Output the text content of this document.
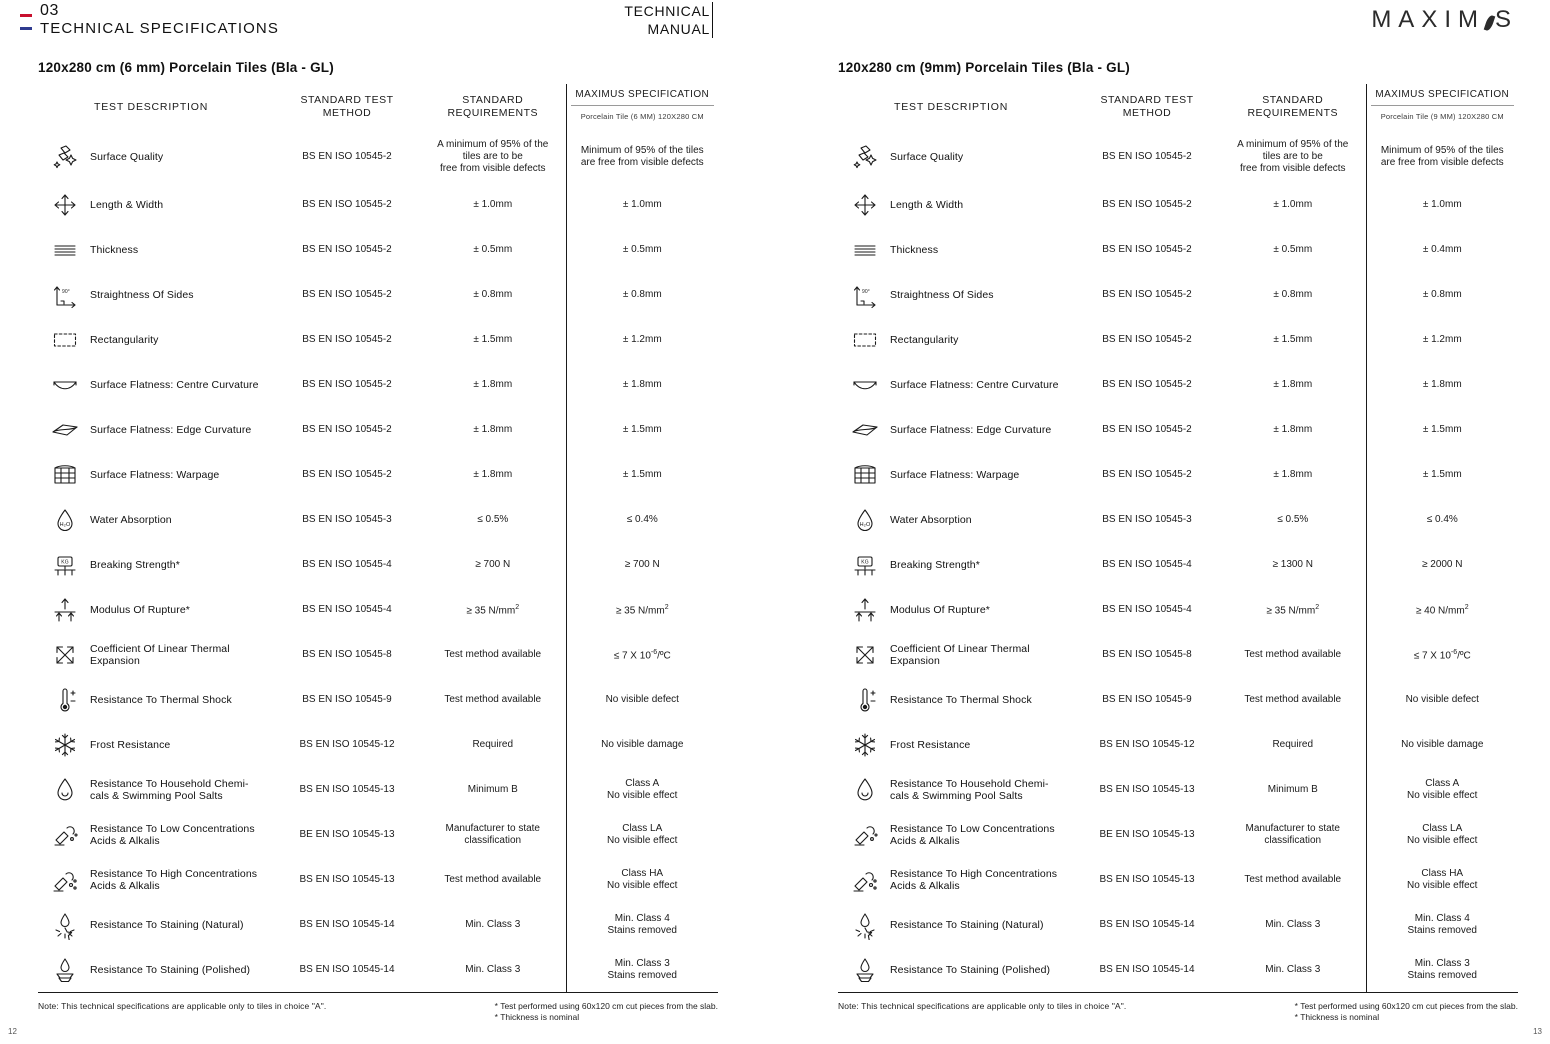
03
TECHNICAL SPECIFICATIONS
TECHNICAL
MANUAL	MAXIM S
120x280 cm (6 mm) Porcelain Tiles (Bla - GL)
TEST DESCRIPTION	STANDARD TEST
METHOD	STANDARD
REQUIREMENTS	MAXIMUS SPECIFICATION
Porcelain Tile (6 MM) 120X280 CM

Surface Quality	BS EN ISO 10545-2	A minimum of 95% of the
tiles are to be
free from visible defects	Minimum of 95% of the tiles
are free from visible defects

Length & Width	BS EN ISO 10545-2	± 1.0mm	± 1.0mm

Thickness	BS EN ISO 10545-2	± 0.5mm	± 0.5mm

90° Straightness Of Sides	BS EN ISO 10545-2	± 0.8mm	± 0.8mm

Rectangularity	BS EN ISO 10545-2	± 1.5mm	± 1.2mm

Surface Flatness: Centre Curvature	BS EN ISO 10545-2	± 1.8mm	± 1.8mm

Surface Flatness: Edge Curvature	BS EN ISO 10545-2	± 1.8mm	± 1.5mm

Surface Flatness: Warpage	BS EN ISO 10545-2	± 1.8mm	± 1.5mm

H₂O Water Absorption	BS EN ISO 10545-3	≤ 0.5%	≤ 0.4%

KG Breaking Strength*	BS EN ISO 10545-4	≥ 700 N	≥ 700 N

Modulus Of Rupture*	BS EN ISO 10545-4	≥ 35 $N/mm^2$	≥ 35 $N/mm^2$

Coefficient Of Linear Thermal
Expansion	BS EN ISO 10545-8	Test method available	≤ 7 X $10^{-6}/ºC$

Resistance To Thermal Shock	BS EN ISO 10545-9	Test method available	No visible defect

Frost Resistance	BS EN ISO 10545-12	Required	No visible damage

Resistance To Household Chemi-
cals & Swimming Pool Salts	BS EN ISO 10545-13	Minimum B	Class A
No visible effect

Resistance To Low Concentrations
Acids & Alkalis	BE EN ISO 10545-13	Manufacturer to state
classification	Class LA
No visible effect

Resistance To High Concentrations
Acids & Alkalis	BS EN ISO 10545-13	Test method available	Class HA
No visible effect

Resistance To Staining (Natural)	BS EN ISO 10545-14	Min. Class 3	Min. Class 4
Stains removed

Resistance To Staining (Polished)	BS EN ISO 10545-14	Min. Class 3	Min. Class 3
Stains removed
Note: This technical specifications are applicable only to tiles in choice "A".	* Test performed using 60x120 cm cut pieces from the slab.
* Thickness is nominal
120x280 cm (9mm) Porcelain Tiles (Bla - GL)
TEST DESCRIPTION	STANDARD TEST
METHOD	STANDARD
REQUIREMENTS	MAXIMUS SPECIFICATION
Porcelain Tile (9 MM) 120X280 CM

Surface Quality	BS EN ISO 10545-2	A minimum of 95% of the
tiles are to be
free from visible defects	Minimum of 95% of the tiles
are free from visible defects

Length & Width	BS EN ISO 10545-2	± 1.0mm	± 1.0mm

Thickness	BS EN ISO 10545-2	± 0.5mm	± 0.4mm

90° Straightness Of Sides	BS EN ISO 10545-2	± 0.8mm	± 0.8mm

Rectangularity	BS EN ISO 10545-2	± 1.5mm	± 1.2mm

Surface Flatness: Centre Curvature	BS EN ISO 10545-2	± 1.8mm	± 1.8mm

Surface Flatness: Edge Curvature	BS EN ISO 10545-2	± 1.8mm	± 1.5mm

Surface Flatness: Warpage	BS EN ISO 10545-2	± 1.8mm	± 1.5mm

H₂O Water Absorption	BS EN ISO 10545-3	≤ 0.5%	≤ 0.4%

KG Breaking Strength*	BS EN ISO 10545-4	≥ 1300 N	≥ 2000 N

Modulus Of Rupture*	BS EN ISO 10545-4	≥ 35 $N/mm^2$	≥ 40 $N/mm^2$

Coefficient Of Linear Thermal
Expansion	BS EN ISO 10545-8	Test method available	≤ 7 X $10^{-6}/ºC$

Resistance To Thermal Shock	BS EN ISO 10545-9	Test method available	No visible defect

Frost Resistance	BS EN ISO 10545-12	Required	No visible damage

Resistance To Household Chemi-
cals & Swimming Pool Salts	BS EN ISO 10545-13	Minimum B	Class A
No visible effect

Resistance To Low Concentrations
Acids & Alkalis	BE EN ISO 10545-13	Manufacturer to state
classification	Class LA
No visible effect

Resistance To High Concentrations
Acids & Alkalis	BS EN ISO 10545-13	Test method available	Class HA
No visible effect

Resistance To Staining (Natural)	BS EN ISO 10545-14	Min. Class 3	Min. Class 4
Stains removed

Resistance To Staining (Polished)	BS EN ISO 10545-14	Min. Class 3	Min. Class 3
Stains removed
Note: This technical specifications are applicable only to tiles in choice "A".	* Test performed using 60x120 cm cut pieces from the slab.
* Thickness is nominal
12	13
